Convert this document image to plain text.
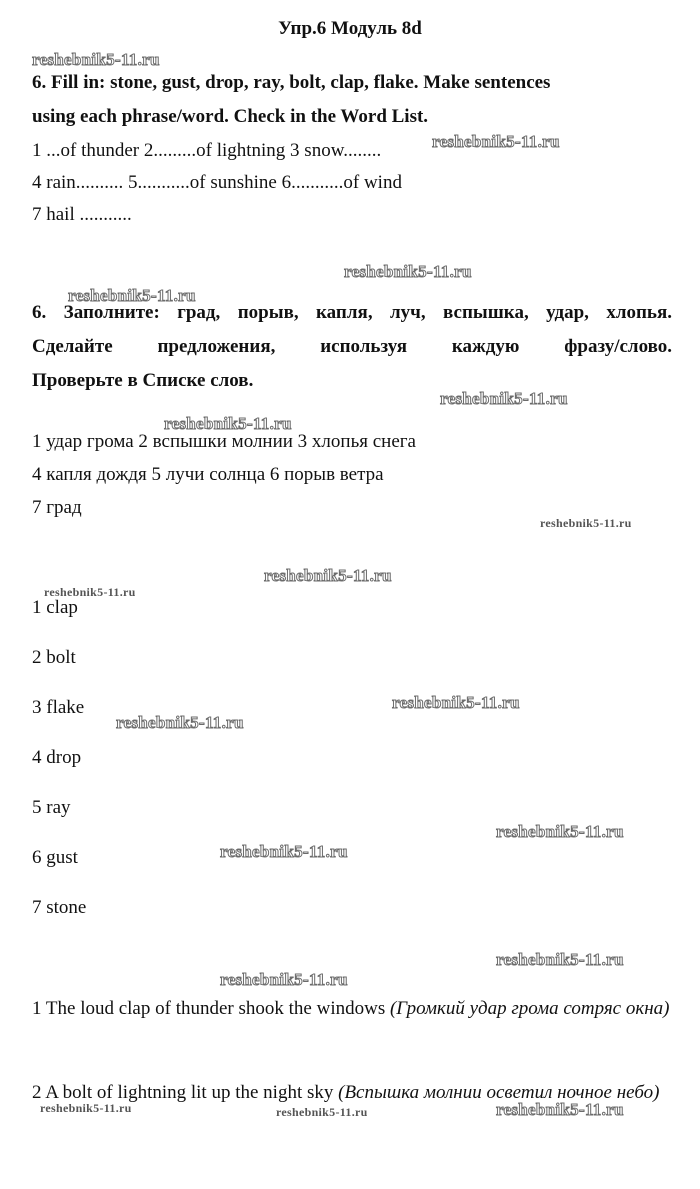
Упр.6 Модуль 8d
6. Fill in: stone, gust, drop, ray, bolt, clap, flake. Make sentences
using each phrase/word. Check in the Word List.
1 ...of thunder 2.........of lightning 3 snow........
4 rain.......... 5...........of sunshine 6...........of wind
7 hail ...........
6. Заполните: град, порыв, капля, луч, вспышка, удар, хлопья.
Сделайте предложения, используя каждую фразу/слово.
Проверьте в Списке слов.
1 удар грома 2 вспышки молнии 3 хлопья снега
4 капля дождя 5 лучи солнца 6 порыв ветра
7 град
1 clap
2 bolt
3 flake
4 drop
5 ray
6 gust
7 stone
1 The loud clap of thunder shook the windows (Громкий удар грома сотряс окна)
2 A bolt of lightning lit up the night sky (Вспышка молнии осветил ночное небо)
reshebnik5-11.ru
reshebnik5-11.ru
reshebnik5-11.ru
reshebnik5-11.ru
reshebnik5-11.ru
reshebnik5-11.ru
reshebnik5-11.ru
reshebnik5-11.ru
reshebnik5-11.ru
reshebnik5-11.ru
reshebnik5-11.ru
reshebnik5-11.ru
reshebnik5-11.ru
reshebnik5-11.ru
reshebnik5-11.ru
reshebnik5-11.ru	reshebnik5-11.ru	reshebnik5-11.ru
